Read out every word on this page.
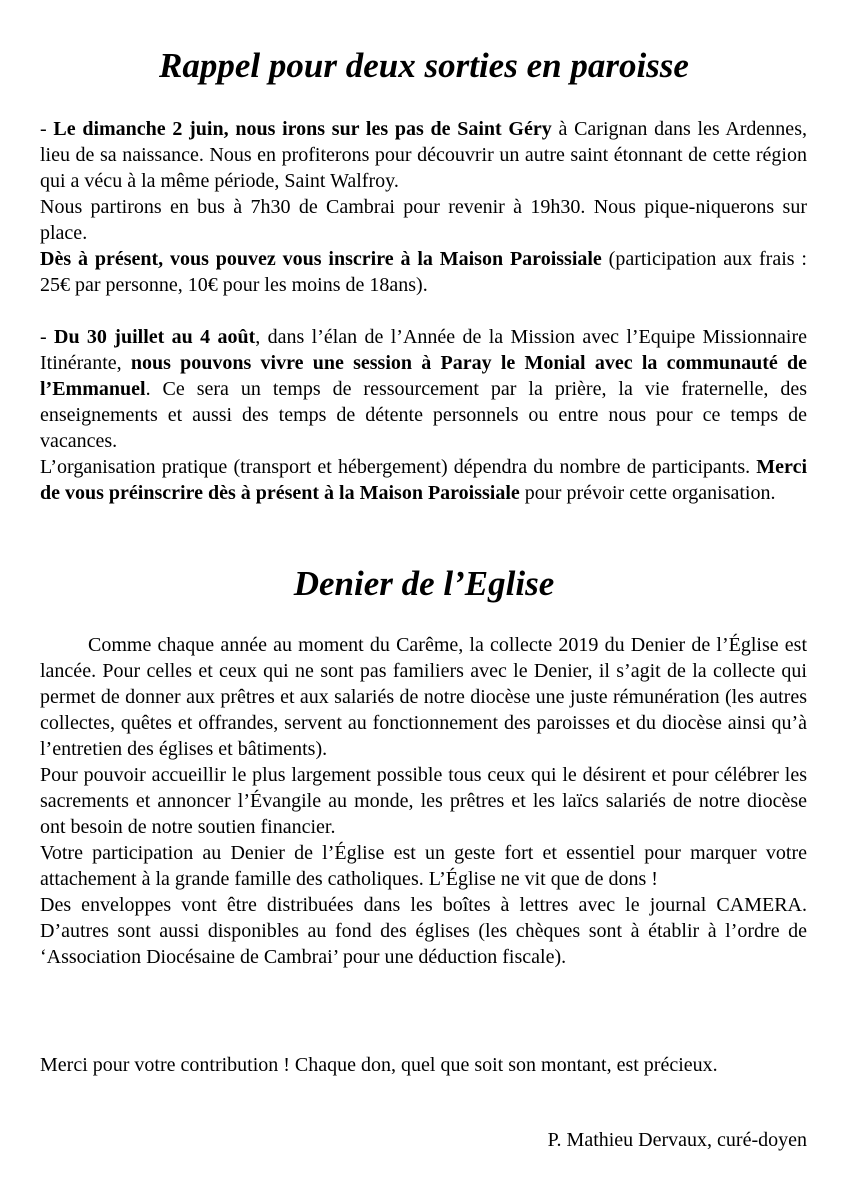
Rappel pour deux sorties en paroisse

- Le dimanche 2 juin, nous irons sur les pas de Saint Géry à Carignan dans les Ardennes, lieu de sa naissance. Nous en profiterons pour découvrir un autre saint étonnant de cette région qui a vécu à la même période, Saint Walfroy.

Nous partirons en bus à 7h30 de Cambrai pour revenir à 19h30. Nous pique-niquerons sur place.

Dès à présent, vous pouvez vous inscrire à la Maison Paroissiale (participation aux frais : 25€ par personne, 10€ pour les moins de 18ans).

- Du 30 juillet au 4 août, dans l’élan de l’Année de la Mission avec l’Equipe Missionnaire Itinérante, nous pouvons vivre une session à Paray le Monial avec la communauté de l’Emmanuel. Ce sera un temps de ressourcement par la prière, la vie fraternelle, des enseignements et aussi des temps de détente personnels ou entre nous pour ce temps de vacances.

L’organisation pratique (transport et hébergement) dépendra du nombre de participants. Merci de vous préinscrire dès à présent à la Maison Paroissiale pour prévoir cette organisation.

Denier de l’Eglise

Comme chaque année au moment du Carême, la collecte 2019 du Denier de l’Église est lancée. Pour celles et ceux qui ne sont pas familiers avec le Denier, il s’agit de la collecte qui permet de donner aux prêtres et aux salariés de notre diocèse une juste rémunération (les autres collectes, quêtes et offrandes, servent au fonctionnement des paroisses et du diocèse ainsi qu’à l’entretien des églises et bâtiments).

Pour pouvoir accueillir le plus largement possible tous ceux qui le désirent et pour célébrer les sacrements et annoncer l’Évangile au monde, les prêtres et les laïcs salariés de notre diocèse ont besoin de notre soutien financier.

Votre participation au Denier de l’Église est un geste fort et essentiel pour marquer votre attachement à la grande famille des catholiques. L’Église ne vit que de dons !

Des enveloppes vont être distribuées dans les boîtes à lettres avec le journal CAMERA. D’autres sont aussi disponibles au fond des églises (les chèques sont à établir à l’ordre de ‘Association Diocésaine de Cambrai’ pour une déduction fiscale).

Merci pour votre contribution ! Chaque don, quel que soit son montant, est précieux.

P. Mathieu Dervaux, curé-doyen
